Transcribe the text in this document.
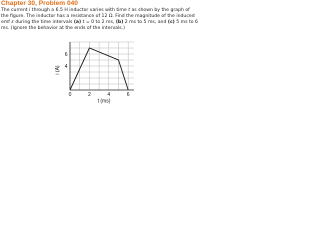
Chapter 30, Problem 040
The current i through a 6.5 H inductor varies with time t as shown by the graph of the figure. The inductor has a resistance of 12 Ω. Find the magnitude of the induced emf ε during the time intervals (a) t = 0 to 2 ms, (b) 2 ms to 5 ms, and (c) 5 ms to 6 ms. (Ignore the behavior at the ends of the intervals.)
0	2	4	6
4
6
i (A)
t (ms)
